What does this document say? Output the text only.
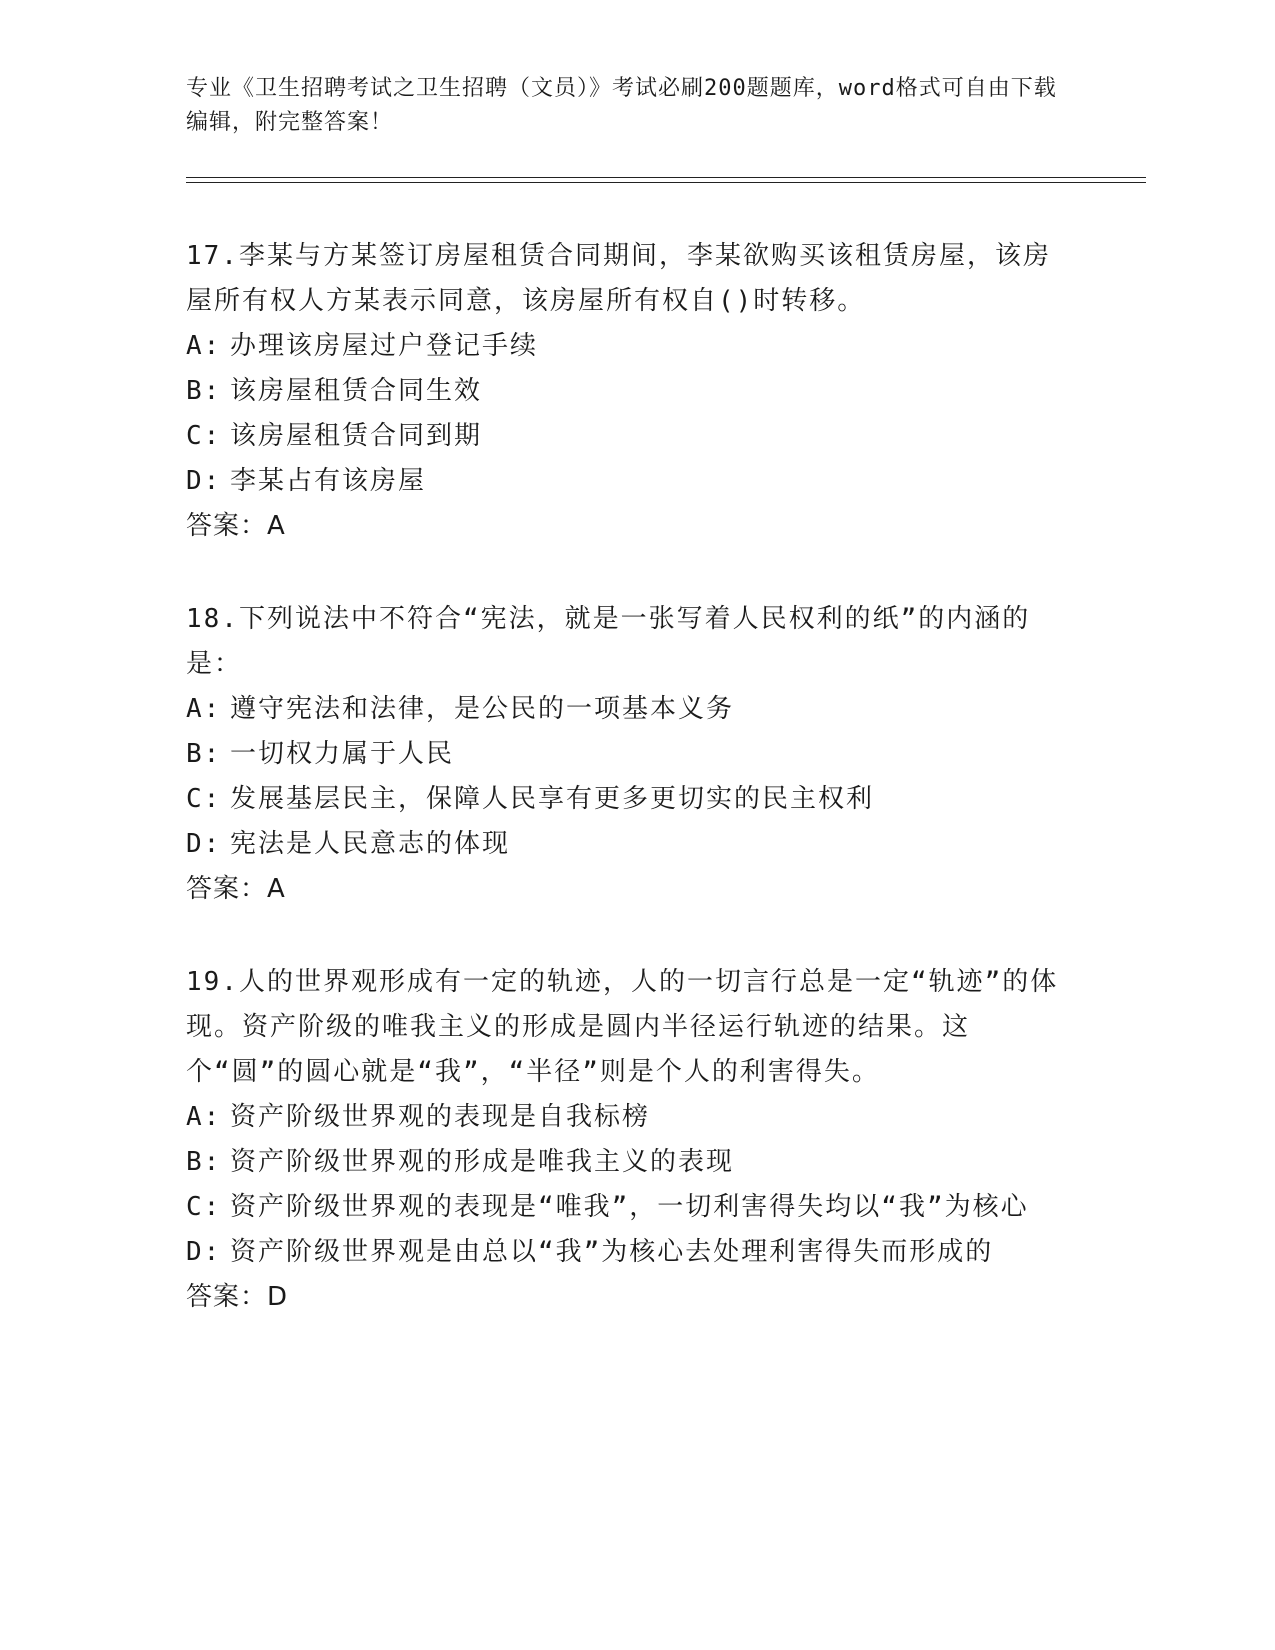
专业《卫生招聘考试之卫生招聘（文员）》考试必刷200题题库，word格式可自由下载编辑，附完整答案！

17.李某与方某签订房屋租赁合同期间，李某欲购买该租赁房屋，该房屋所有权人方某表示同意，该房屋所有权自()时转移。

A: 办理该房屋过户登记手续

B: 该房屋租赁合同生效

C: 该房屋租赁合同到期

D: 李某占有该房屋

答案：A

18.下列说法中不符合“宪法，就是一张写着人民权利的纸”的内涵的是：

A: 遵守宪法和法律，是公民的一项基本义务

B: 一切权力属于人民

C: 发展基层民主，保障人民享有更多更切实的民主权利

D: 宪法是人民意志的体现

答案：A

19.人的世界观形成有一定的轨迹，人的一切言行总是一定“轨迹”的体现。资产阶级的唯我主义的形成是圆内半径运行轨迹的结果。这个“圆”的圆心就是“我”，“半径”则是个人的利害得失。

A: 资产阶级世界观的表现是自我标榜

B: 资产阶级世界观的形成是唯我主义的表现

C: 资产阶级世界观的表现是“唯我”，一切利害得失均以“我”为核心

D: 资产阶级世界观是由总以“我”为核心去处理利害得失而形成的

答案：D
